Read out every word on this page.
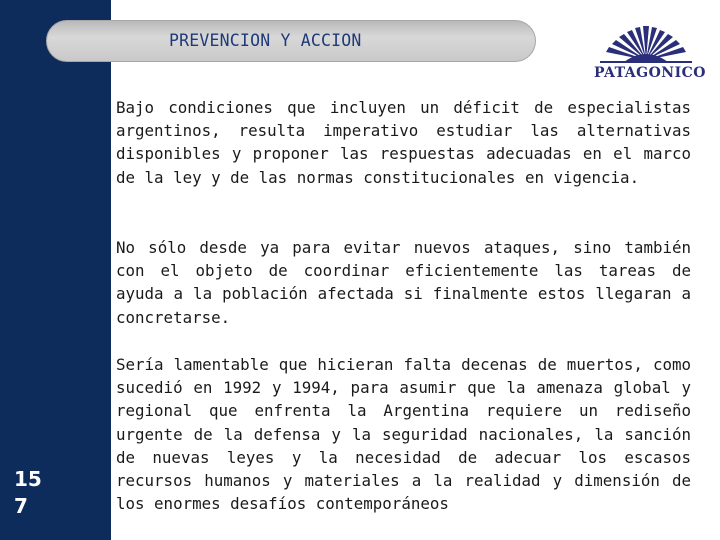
15
7
PREVENCION Y ACCION
GRUPO
PATAGONICO

Bajo condiciones que incluyen un déficit de especialistas argentinos, resulta imperativo estudiar las alternativas disponibles y proponer las respuestas adecuadas en el marco de la ley y de las normas constitucionales en vigencia.

No sólo desde ya para evitar nuevos ataques, sino también con el objeto de coordinar eficientemente las tareas de ayuda a la población afectada si finalmente estos llegaran a concretarse.

Sería lamentable que hicieran falta decenas de muertos, como sucedió en 1992 y 1994, para asumir que la amenaza global y regional que enfrenta la Argentina requiere un rediseño urgente de la defensa y la seguridad nacionales, la sanción de nuevas leyes y la necesidad de adecuar los escasos recursos humanos y materiales a la realidad y dimensión de los enormes desafíos contemporáneos
